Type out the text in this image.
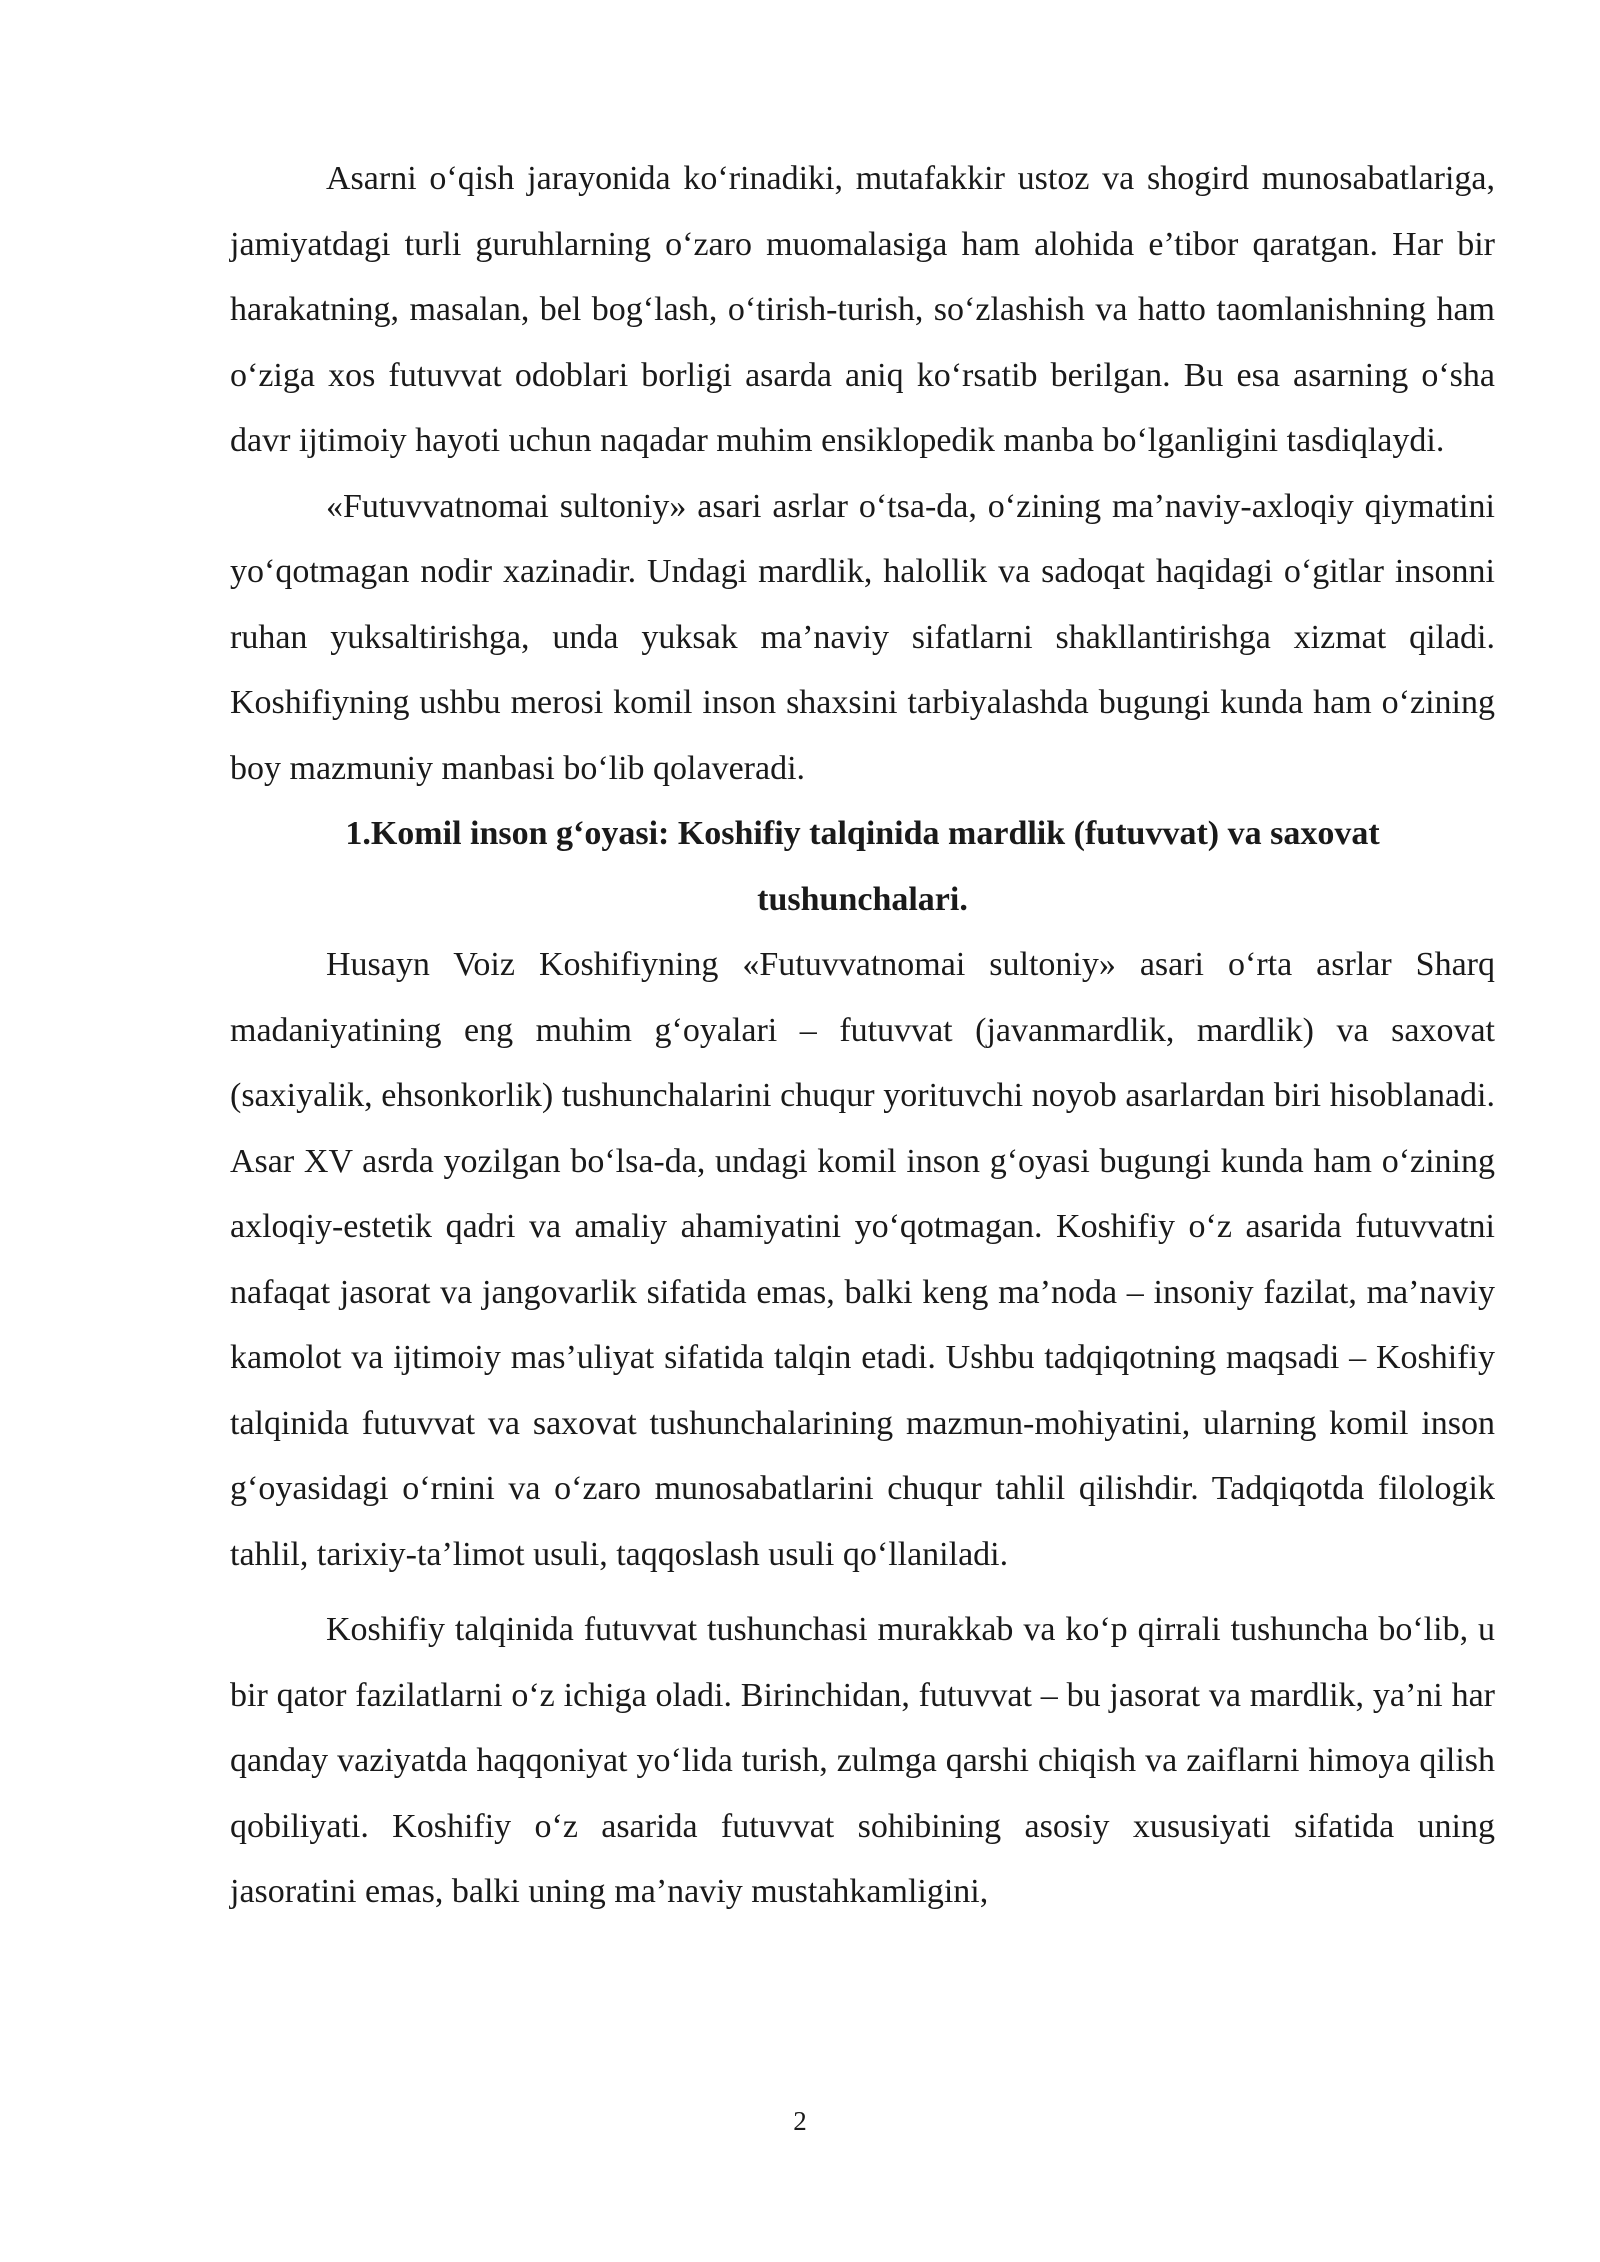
Asarni o‘qish jarayonida ko‘rinadiki, mutafakkir ustoz va shogird munosabatlariga, jamiyatdagi turli guruhlarning o‘zaro muomalasiga ham alohida e’tibor qaratgan. Har bir harakatning, masalan, bel bog‘lash, o‘tirish-turish, so‘zlashish va hatto taomlanishning ham o‘ziga xos futuvvat odoblari borligi asarda aniq ko‘rsatib berilgan. Bu esa asarning o‘sha davr ijtimoiy hayoti uchun naqadar muhim ensiklopedik manba bo‘lganligini tasdiqlaydi.

«Futuvvatnomai sultoniy» asari asrlar o‘tsa-da, o‘zining ma’naviy-axloqiy qiymatini yo‘qotmagan nodir xazinadir. Undagi mardlik, halollik va sadoqat haqidagi o‘gitlar insonni ruhan yuksaltirishga, unda yuksak ma’naviy sifatlarni shakllantirishga xizmat qiladi. Koshifiyning ushbu merosi komil inson shaxsini tarbiyalashda bugungi kunda ham o‘zining boy mazmuniy manbasi bo‘lib qolaveradi.

1.Komil inson g‘oyasi: Koshifiy talqinida mardlik (futuvvat) va saxovat tushunchalari.

Husayn Voiz Koshifiyning «Futuvvatnomai sultoniy» asari o‘rta asrlar Sharq madaniyatining eng muhim g‘oyalari – futuvvat (javanmardlik, mardlik) va saxovat (saxiyalik, ehsonkorlik) tushunchalarini chuqur yorituvchi noyob asarlardan biri hisoblanadi. Asar XV asrda yozilgan bo‘lsa-da, undagi komil inson g‘oyasi bugungi kunda ham o‘zining axloqiy-estetik qadri va amaliy ahamiyatini yo‘qotmagan. Koshifiy o‘z asarida futuvvatni nafaqat jasorat va jangovarlik sifatida emas, balki keng ma’noda – insoniy fazilat, ma’naviy kamolot va ijtimoiy mas’uliyat sifatida talqin etadi. Ushbu tadqiqotning maqsadi – Koshifiy talqinida futuvvat va saxovat tushunchalarining mazmun-mohiyatini, ularning komil inson g‘oyasidagi o‘rnini va o‘zaro munosabatlarini chuqur tahlil qilishdir. Tadqiqotda filologik tahlil, tarixiy-ta’limot usuli, taqqoslash usuli qo‘llaniladi.

Koshifiy talqinida futuvvat tushunchasi murakkab va ko‘p qirrali tushuncha bo‘lib, u bir qator fazilatlarni o‘z ichiga oladi. Birinchidan, futuvvat – bu jasorat va mardlik, ya’ni har qanday vaziyatda haqqoniyat yo‘lida turish, zulmga qarshi chiqish va zaiflarni himoya qilish qobiliyati. Koshifiy o‘z asarida futuvvat sohibining asosiy xususiyati sifatida uning jasoratini emas, balki uning ma’naviy mustahkamligini,

2
